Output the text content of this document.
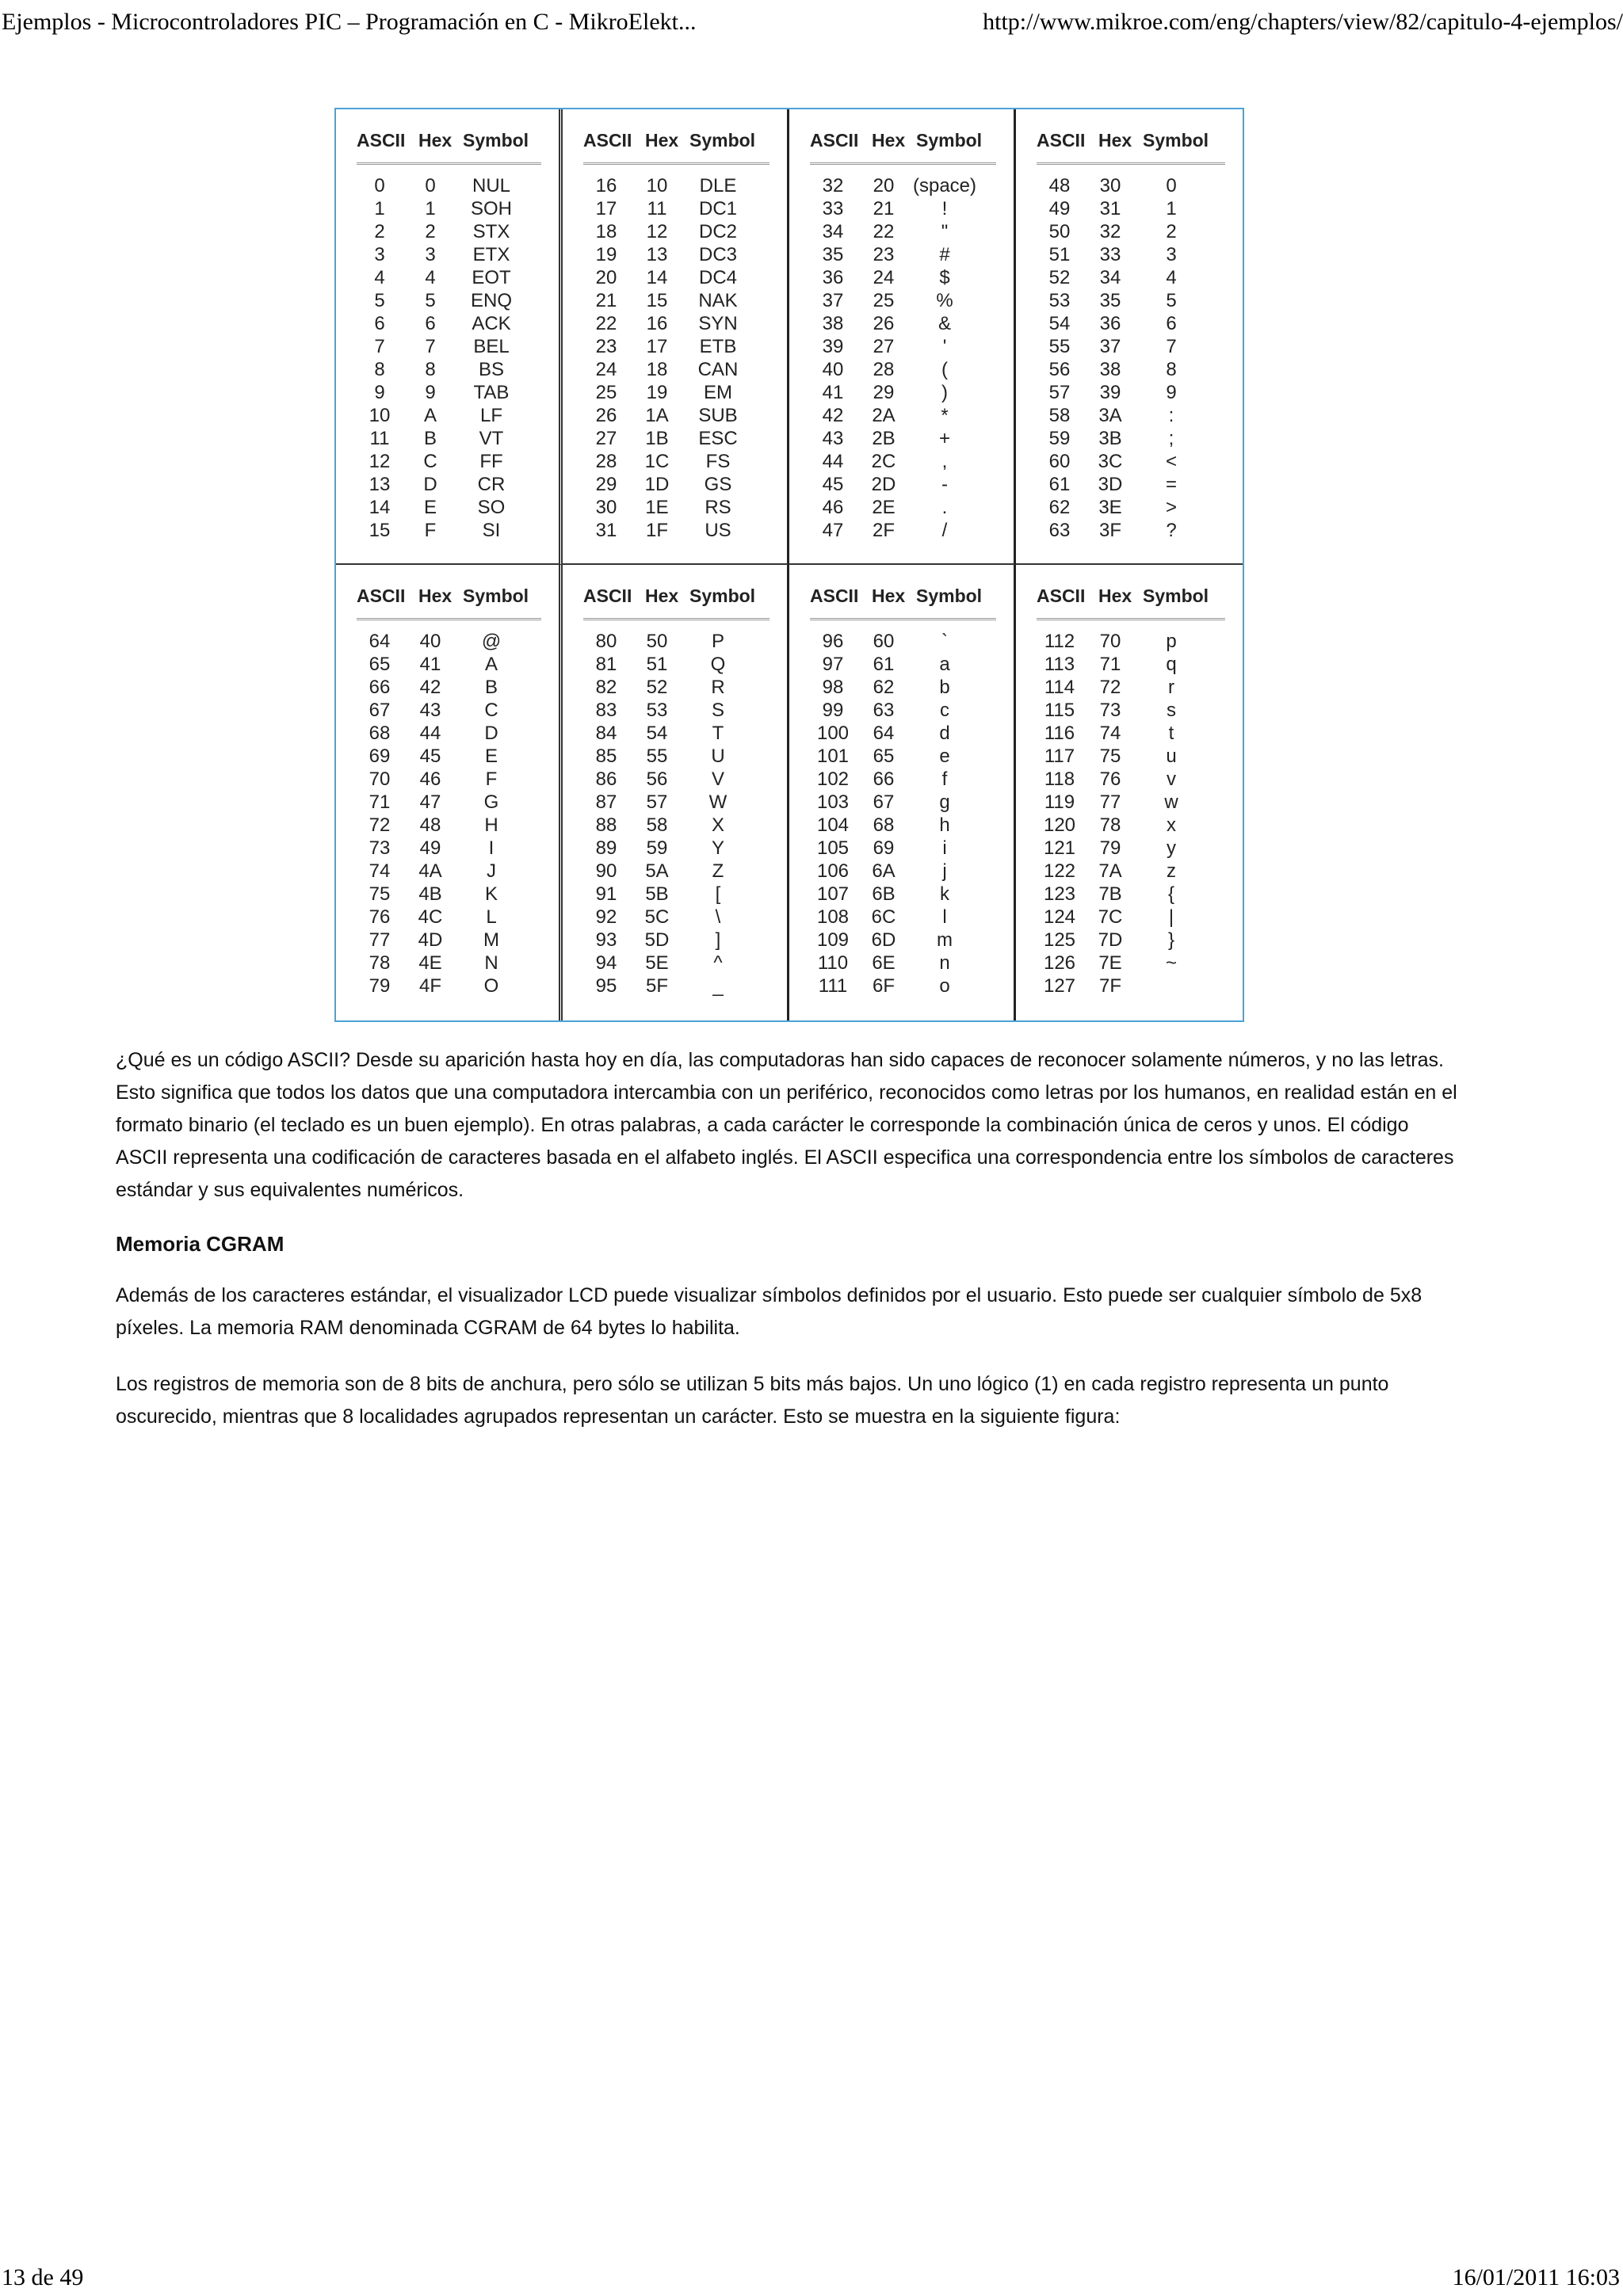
Ejemplos - Microcontroladores PIC – Programación en C - MikroElekt...	http://www.mikroe.com/eng/chapters/view/82/capitulo-4-ejemplos/
ASCII Hex Symbol
0	0	NUL
1	1	SOH
2	2	STX
3	3	ETX
4	4	EOT
5	5	ENQ
6	6	ACK
7	7	BEL
8	8	BS
9	9	TAB
10	A	LF
11	B	VT
12	C	FF
13	D	CR
14	E	SO
15	F	SI
ASCII Hex Symbol
16	10	DLE
17	11	DC1
18	12	DC2
19	13	DC3
20	14	DC4
21	15	NAK
22	16	SYN
23	17	ETB
24	18	CAN
25	19	EM
26	1A	SUB
27	1B	ESC
28	1C	FS
29	1D	GS
30	1E	RS
31	1F	US
ASCII Hex Symbol
32	20 (space)
33	21	!
34	22	"
35	23	#
36	24	$
37	25	%
38	26	&
39	27	'
40	28	(
41	29	)
42	2A	*
43	2B	+
44	2C	,
45	2D	-
46	2E	.
47	2F	/
ASCII Hex Symbol
48	30	0
49	31	1
50	32	2
51	33	3
52	34	4
53	35	5
54	36	6
55	37	7
56	38	8
57	39	9
58	3A	:
59	3B	;
60	3C	<
61	3D	=
62	3E	>
63	3F	?
ASCII Hex Symbol
64	40	@
65	41	A
66	42	B
67	43	C
68	44	D
69	45	E
70	46	F
71	47	G
72	48	H
73	49	I
74	4A	J
75	4B	K
76	4C	L
77	4D	M
78	4E	N
79	4F	O
ASCII Hex Symbol
80	50	P
81	51	Q
82	52	R
83	53	S
84	54	T
85	55	U
86	56	V
87	57	W
88	58	X
89	59	Y
90	5A	Z
91	5B	[
92	5C	\
93	5D	]
94	5E	^
95	5F	_
ASCII Hex Symbol
96	60	`
97	61	a
98	62	b
99	63	c
100	64	d
101	65	e
102	66	f
103	67	g
104	68	h
105	69	i
106	6A	j
107	6B	k
108	6C	l
109	6D	m
110	6E	n
111	6F	o
ASCII Hex Symbol
112	70	p
113	71	q
114	72	r
115	73	s
116	74	t
117	75	u
118	76	v
119	77	w
120	78	x
121	79	y
122	7A	z
123	7B	{
124	7C	|
125	7D	}
126	7E	~
127	7F

¿Qué es un código ASCII? Desde su aparición hasta hoy en día, las computadoras han sido capaces de reconocer solamente números, y no las letras. Esto significa que todos los datos que una computadora intercambia con un periférico, reconocidos como letras por los humanos, en realidad están en el formato binario (el teclado es un buen ejemplo). En otras palabras, a cada carácter le corresponde la combinación única de ceros y unos. El código ASCII representa una codificación de caracteres basada en el alfabeto inglés. El ASCII especifica una correspondencia entre los símbolos de caracteres estándar y sus equivalentes numéricos.

Memoria CGRAM

Además de los caracteres estándar, el visualizador LCD puede visualizar símbolos definidos por el usuario. Esto puede ser cualquier símbolo de 5x8 píxeles. La memoria RAM denominada CGRAM de 64 bytes lo habilita.

Los registros de memoria son de 8 bits de anchura, pero sólo se utilizan 5 bits más bajos. Un uno lógico (1) en cada registro representa un punto oscurecido, mientras que 8 localidades agrupados representan un carácter. Esto se muestra en la siguiente figura:

13 de 49	16/01/2011 16:03
